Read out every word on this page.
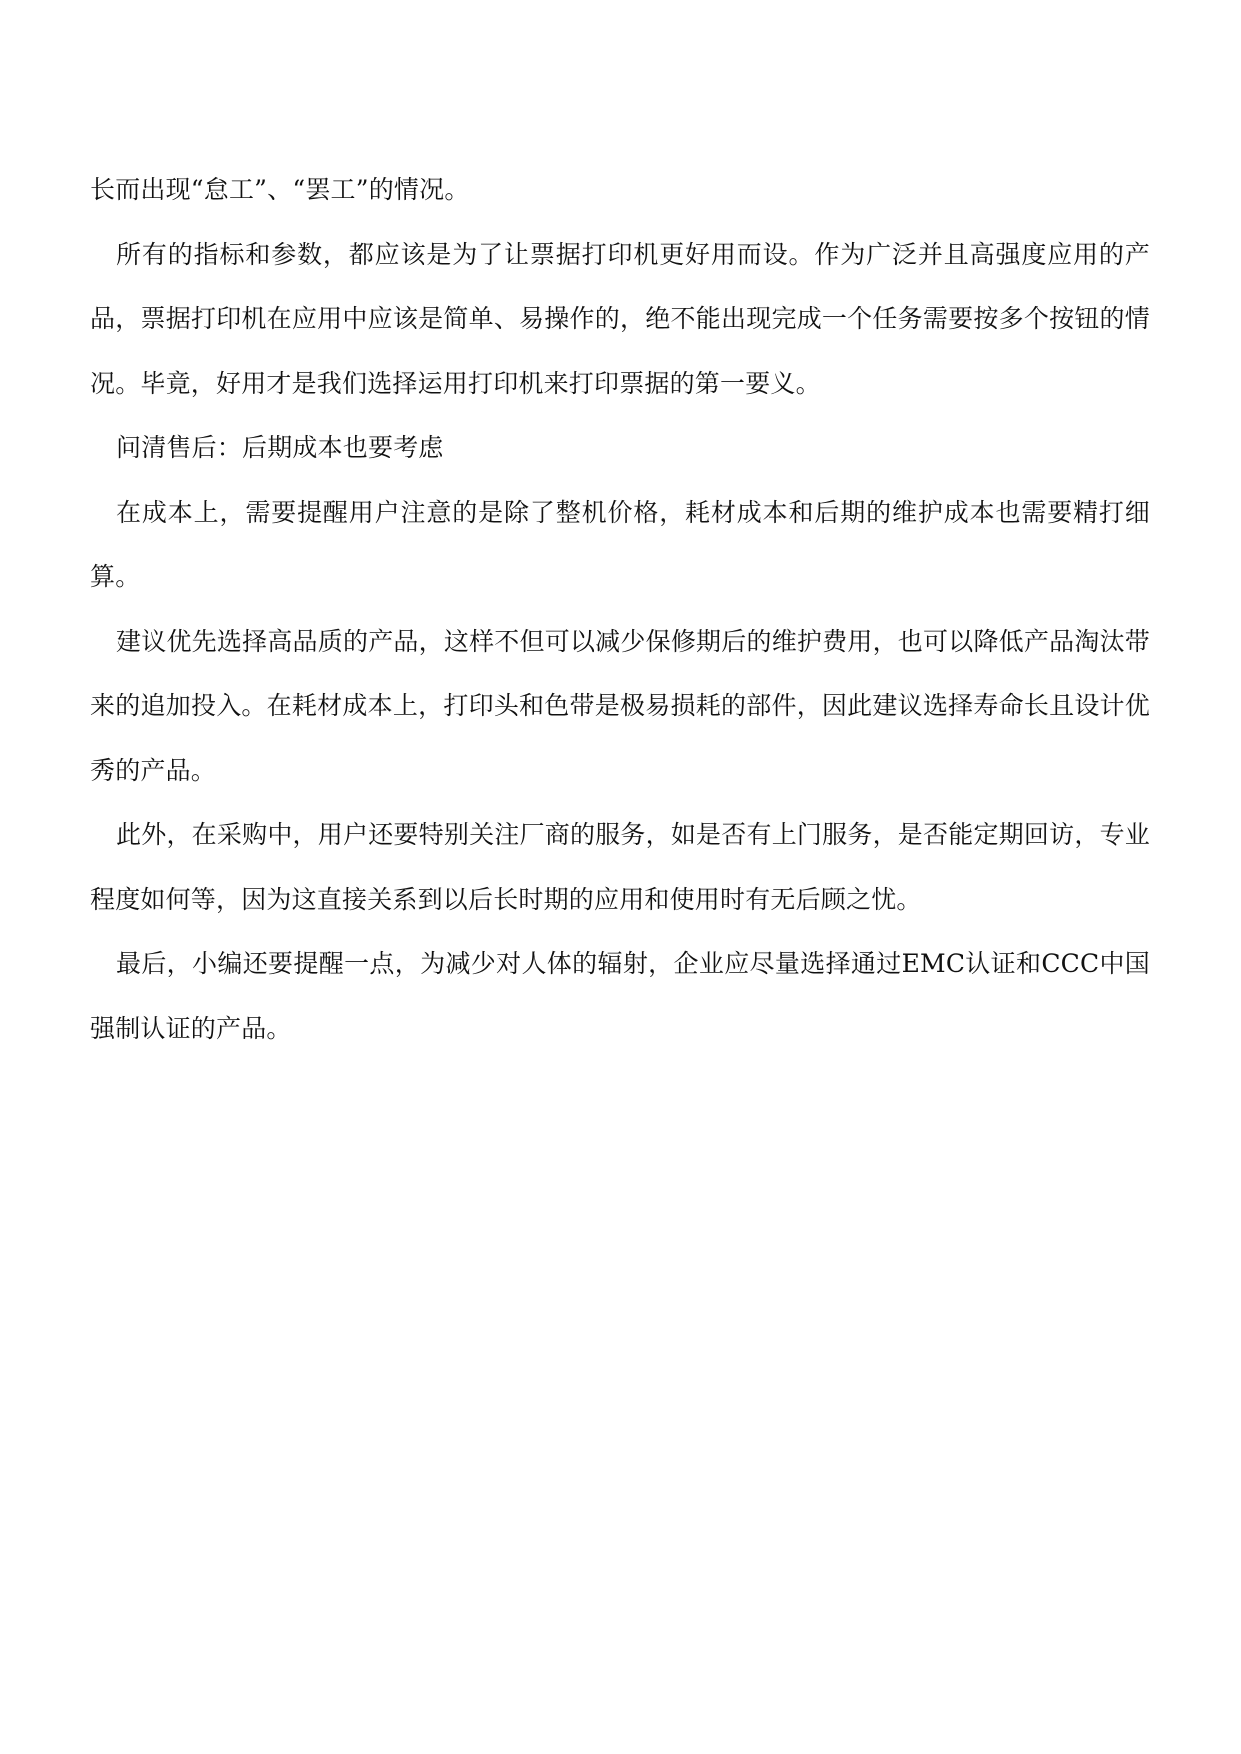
长而出现“怠工”、“罢工”的情况。

所有的指标和参数，都应该是为了让票据打印机更好用而设。作为广泛并且高强度应用的产品，票据打印机在应用中应该是简单、易操作的，绝不能出现完成一个任务需要按多个按钮的情况。毕竟，好用才是我们选择运用打印机来打印票据的第一要义。

问清售后：后期成本也要考虑

在成本上，需要提醒用户注意的是除了整机价格，耗材成本和后期的维护成本也需要精打细算。

建议优先选择高品质的产品，这样不但可以减少保修期后的维护费用，也可以降低产品淘汰带来的追加投入。在耗材成本上，打印头和色带是极易损耗的部件，因此建议选择寿命长且设计优秀的产品。

此外，在采购中，用户还要特别关注厂商的服务，如是否有上门服务，是否能定期回访，专业程度如何等，因为这直接关系到以后长时期的应用和使用时有无后顾之忧。

最后，小编还要提醒一点，为减少对人体的辐射，企业应尽量选择通过EMC认证和CCC中国强制认证的产品。
